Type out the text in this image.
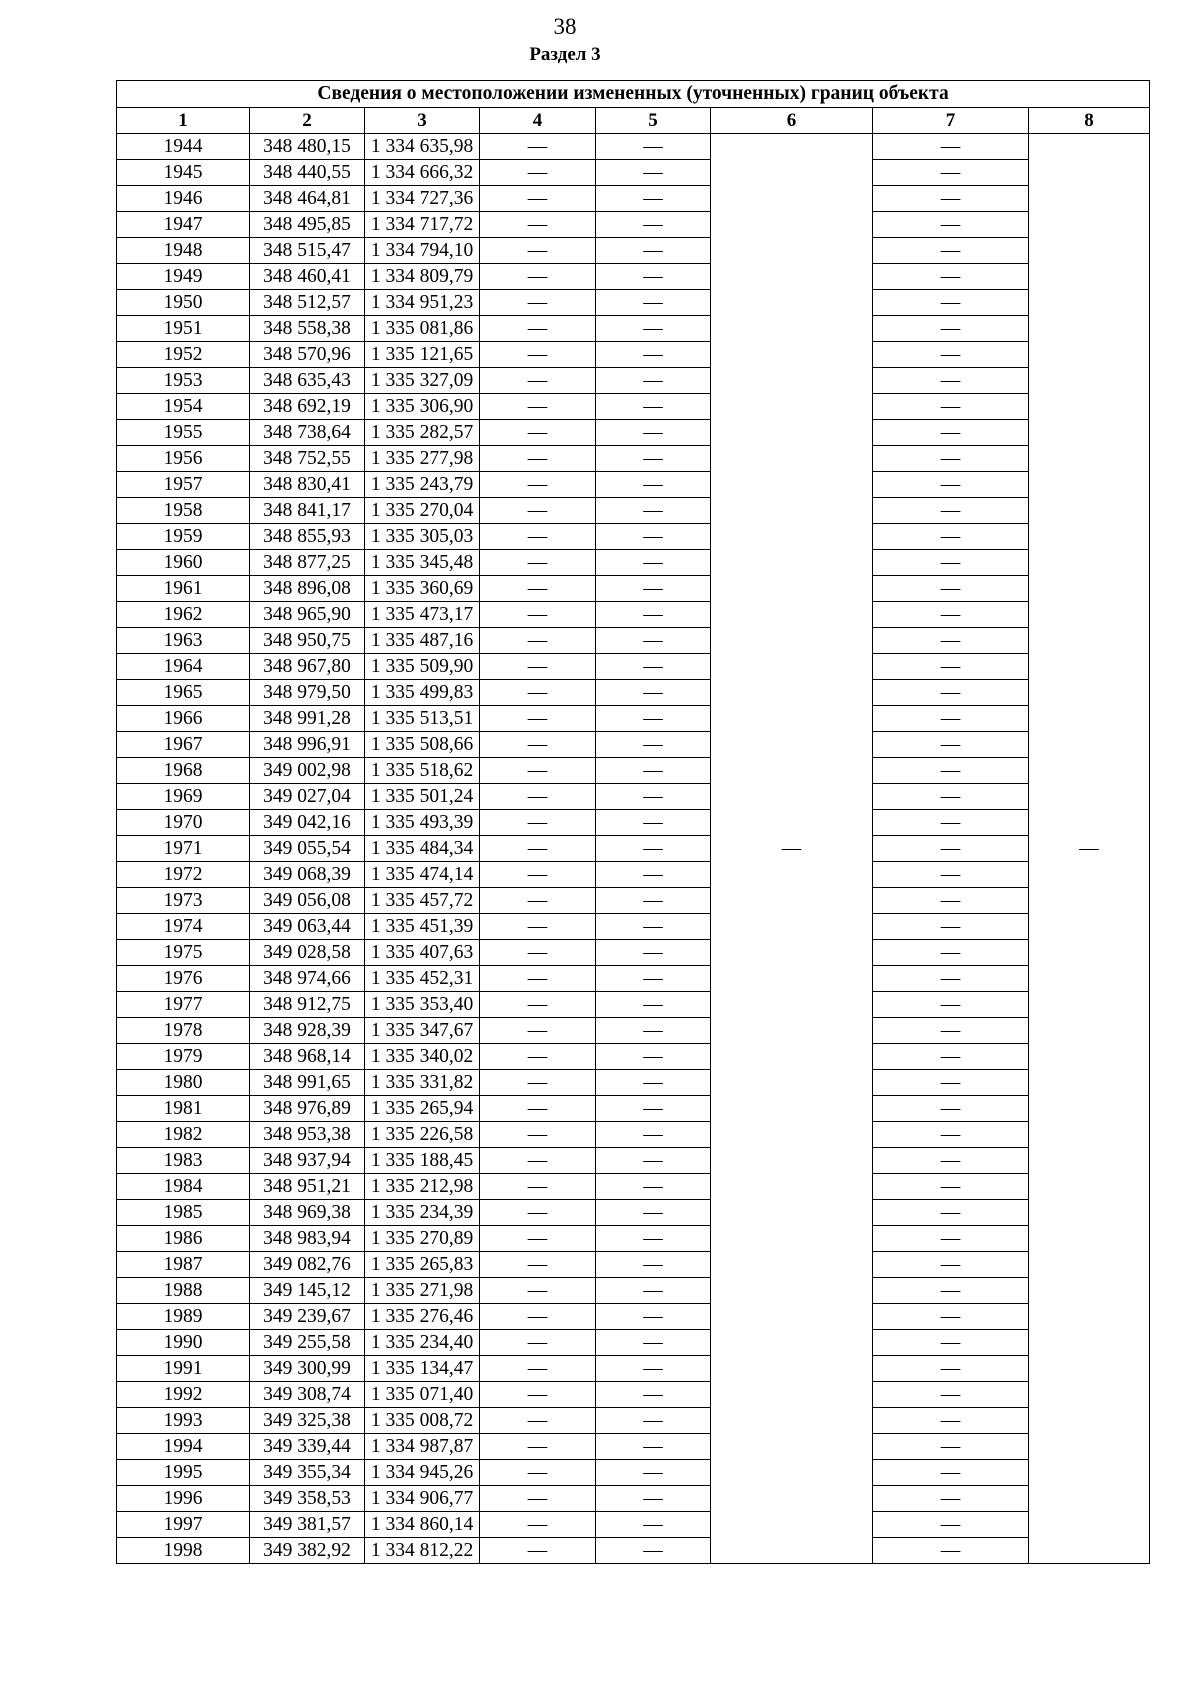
38
Раздел 3
Сведения о местоположении измененных (уточненных) границ объекта							
1	2	3	4	5	6	7	8
1944	348 480,15	1 334 635,98	—	—	—	—	—
1945	348 440,55	1 334 666,32	—	—		—	
1946	348 464,81	1 334 727,36	—	—		—	
1947	348 495,85	1 334 717,72	—	—		—	
1948	348 515,47	1 334 794,10	—	—		—	
1949	348 460,41	1 334 809,79	—	—		—	
1950	348 512,57	1 334 951,23	—	—		—	
1951	348 558,38	1 335 081,86	—	—		—	
1952	348 570,96	1 335 121,65	—	—		—	
1953	348 635,43	1 335 327,09	—	—		—	
1954	348 692,19	1 335 306,90	—	—		—	
1955	348 738,64	1 335 282,57	—	—		—	
1956	348 752,55	1 335 277,98	—	—		—	
1957	348 830,41	1 335 243,79	—	—		—	
1958	348 841,17	1 335 270,04	—	—		—	
1959	348 855,93	1 335 305,03	—	—		—	
1960	348 877,25	1 335 345,48	—	—		—	
1961	348 896,08	1 335 360,69	—	—		—	
1962	348 965,90	1 335 473,17	—	—		—	
1963	348 950,75	1 335 487,16	—	—		—	
1964	348 967,80	1 335 509,90	—	—		—	
1965	348 979,50	1 335 499,83	—	—		—	
1966	348 991,28	1 335 513,51	—	—		—	
1967	348 996,91	1 335 508,66	—	—		—	
1968	349 002,98	1 335 518,62	—	—		—	
1969	349 027,04	1 335 501,24	—	—		—	
1970	349 042,16	1 335 493,39	—	—		—	
1971	349 055,54	1 335 484,34	—	—		—	
1972	349 068,39	1 335 474,14	—	—		—	
1973	349 056,08	1 335 457,72	—	—		—	
1974	349 063,44	1 335 451,39	—	—		—	
1975	349 028,58	1 335 407,63	—	—		—	
1976	348 974,66	1 335 452,31	—	—		—	
1977	348 912,75	1 335 353,40	—	—		—	
1978	348 928,39	1 335 347,67	—	—		—	
1979	348 968,14	1 335 340,02	—	—		—	
1980	348 991,65	1 335 331,82	—	—		—	
1981	348 976,89	1 335 265,94	—	—		—	
1982	348 953,38	1 335 226,58	—	—		—	
1983	348 937,94	1 335 188,45	—	—		—	
1984	348 951,21	1 335 212,98	—	—		—	
1985	348 969,38	1 335 234,39	—	—		—	
1986	348 983,94	1 335 270,89	—	—		—	
1987	349 082,76	1 335 265,83	—	—		—	
1988	349 145,12	1 335 271,98	—	—		—	
1989	349 239,67	1 335 276,46	—	—		—	
1990	349 255,58	1 335 234,40	—	—		—	
1991	349 300,99	1 335 134,47	—	—		—	
1992	349 308,74	1 335 071,40	—	—		—	
1993	349 325,38	1 335 008,72	—	—		—	
1994	349 339,44	1 334 987,87	—	—		—	
1995	349 355,34	1 334 945,26	—	—		—	
1996	349 358,53	1 334 906,77	—	—		—	
1997	349 381,57	1 334 860,14	—	—		—	
1998	349 382,92	1 334 812,22	—	—		—	
